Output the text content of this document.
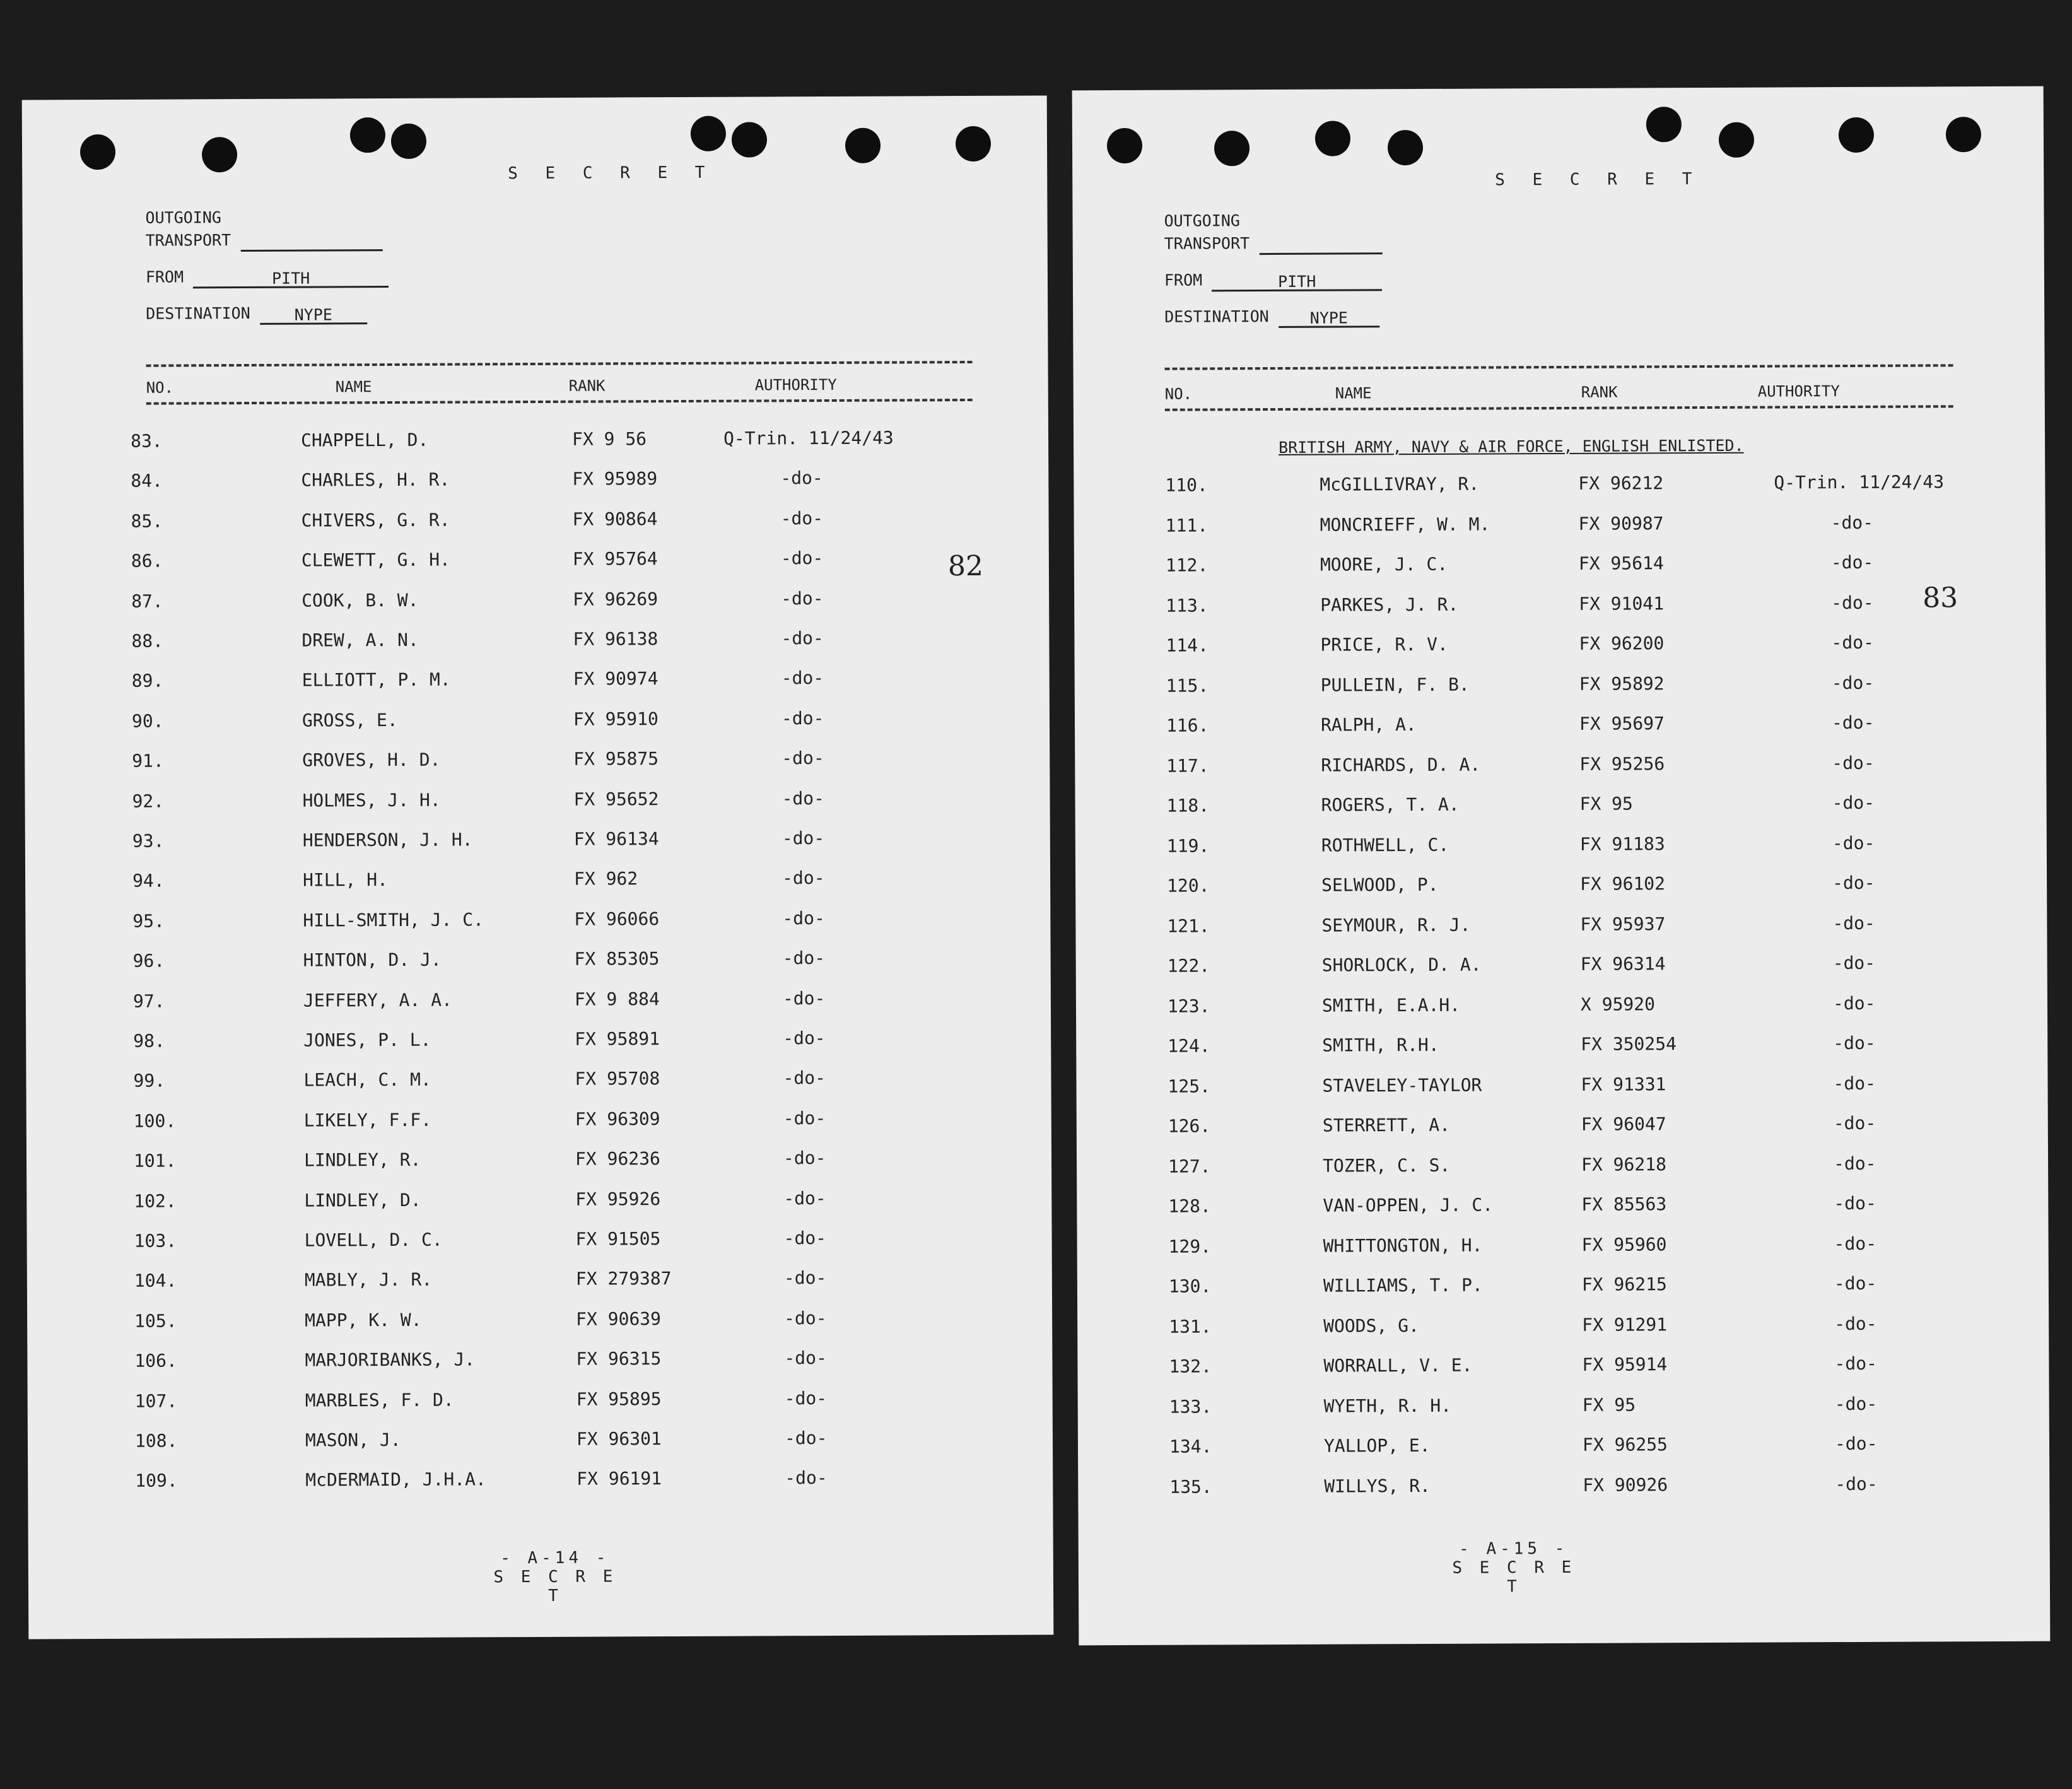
S E C R E T
OUTGOING
TRANSPORT
FROM	PITH
DESTINATION	NYPE
NO.	NAME	RANK	AUTHORITY
82
83.	CHAPPELL, D.	FX 9 56	Q-Trin. 11/24/43
84.	CHARLES, H. R.	FX 95989	-do-
85.	CHIVERS, G. R.	FX 90864	-do-
86.	CLEWETT, G. H.	FX 95764	-do-
87.	COOK, B. W.	FX 96269	-do-
88.	DREW, A. N.	FX 96138	-do-
89.	ELLIOTT, P. M.	FX 90974	-do-
90.	GROSS, E.	FX 95910	-do-
91.	GROVES, H. D.	FX 95875	-do-
92.	HOLMES, J. H.	FX 95652	-do-
93.	HENDERSON, J. H.	FX 96134	-do-
94.	HILL, H.	FX 962	-do-
95.	HILL-SMITH, J. C.	FX 96066	-do-
96.	HINTON, D. J.	FX 85305	-do-
97.	JEFFERY, A. A.	FX 9 884	-do-
98.	JONES, P. L.	FX 95891	-do-
99.	LEACH, C. M.	FX 95708	-do-
100.	LIKELY, F.F.	FX 96309	-do-
101.	LINDLEY, R.	FX 96236	-do-
102.	LINDLEY, D.	FX 95926	-do-
103.	LOVELL, D. C.	FX 91505	-do-
104.	MABLY, J. R.	FX 279387	-do-
105.	MAPP, K. W.	FX 90639	-do-
106.	MARJORIBANKS, J.	FX 96315	-do-
107.	MARBLES, F. D.	FX 95895	-do-
108.	MASON, J.	FX 96301	-do-
109.	McDERMAID, J.H.A.	FX 96191	-do-
- A-14 -
S E C R E T
S E C R E T
OUTGOING
TRANSPORT
FROM	PITH
DESTINATION	NYPE
NO.	NAME	RANK	AUTHORITY
BRITISH ARMY, NAVY & AIR FORCE, ENGLISH ENLISTED.
83
110.	McGILLIVRAY, R.	FX 96212	Q-Trin. 11/24/43
111.	MONCRIEFF, W. M.	FX 90987	-do-
112.	MOORE, J. C.	FX 95614	-do-
113.	PARKES, J. R.	FX 91041	-do-
114.	PRICE, R. V.	FX 96200	-do-
115.	PULLEIN, F. B.	FX 95892	-do-
116.	RALPH, A.	FX 95697	-do-
117.	RICHARDS, D. A.	FX 95256	-do-
118.	ROGERS, T. A.	FX 95	-do-
119.	ROTHWELL, C.	FX 91183	-do-
120.	SELWOOD, P.	FX 96102	-do-
121.	SEYMOUR, R. J.	FX 95937	-do-
122.	SHORLOCK, D. A.	FX 96314	-do-
123.	SMITH, E.A.H.	X 95920	-do-
124.	SMITH, R.H.	FX 350254	-do-
125.	STAVELEY-TAYLOR	FX 91331	-do-
126.	STERRETT, A.	FX 96047	-do-
127.	TOZER, C. S.	FX 96218	-do-
128.	VAN-OPPEN, J. C.	FX 85563	-do-
129.	WHITTONGTON, H.	FX 95960	-do-
130.	WILLIAMS, T. P.	FX 96215	-do-
131.	WOODS, G.	FX 91291	-do-
132.	WORRALL, V. E.	FX 95914	-do-
133.	WYETH, R. H.	FX 95	-do-
134.	YALLOP, E.	FX 96255	-do-
135.	WILLYS, R.	FX 90926	-do-
- A-15 -
S E C R E T
